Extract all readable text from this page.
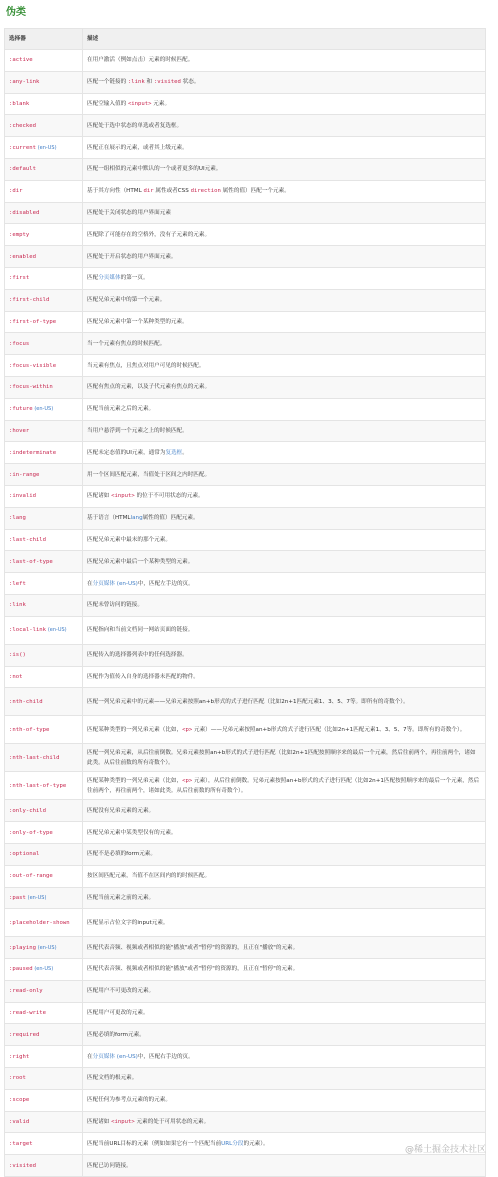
伪类
选择器	描述
:active	在用户激活（例如点击）元素的时候匹配。
:any-link	匹配一个链接的 :link 和 :visited 状态。
:blank	匹配空输入值的 <input> 元素。
:checked	匹配处于选中状态的单选或者复选框。
:current (en-US)	匹配正在展示的元素，或者其上级元素。
:default	匹配一组相似的元素中默认的一个或者更多的UI元素。
:dir	基于其方向性（HTML dir 属性或者CSS direction 属性的值）匹配一个元素。
:disabled	匹配处于关闭状态的用户界面元素
:empty	匹配除了可能存在的空格外，没有子元素的元素。
:enabled	匹配处于开启状态的用户界面元素。
:first	匹配分页媒体的第一页。
:first-child	匹配兄弟元素中的第一个元素。
:first-of-type	匹配兄弟元素中第一个某种类型的元素。
:focus	当一个元素有焦点的时候匹配。
:focus-visible	当元素有焦点，且焦点对用户可见的时候匹配。
:focus-within	匹配有焦点的元素，以及子代元素有焦点的元素。
:future (en-US)	匹配当前元素之后的元素。
:hover	当用户悬浮到一个元素之上的时候匹配。
:indeterminate	匹配未定态值的UI元素，通常为复选框。
:in-range	用一个区间匹配元素，当值处于区间之内时匹配。
:invalid	匹配诸如 <input> 的位于不可用状态的元素。
:lang	基于语言（HTMLlang属性的值）匹配元素。
:last-child	匹配兄弟元素中最末的那个元素。
:last-of-type	匹配兄弟元素中最后一个某种类型的元素。
:left	在分页媒体 (en-US)中，匹配左手边的页。
:link	匹配未曾访问的链接。
:local-link (en-US)	匹配指向和当前文档同一网站页面的链接。
:is()	匹配传入的选择器列表中的任何选择器。
:not	匹配作为值传入自身的选择器未匹配的物件。
:nth-child	匹配一列兄弟元素中的元素——兄弟元素按照an+b形式的式子进行匹配（比如2n+1匹配元素1、3、5、7等。即所有的奇数个）。
:nth-of-type	匹配某种类型的一列兄弟元素（比如，<p> 元素）——兄弟元素按照an+b形式的式子进行匹配（比如2n+1匹配元素1、3、5、7等。即所有的奇数个）。
:nth-last-child	匹配一列兄弟元素，从后往前倒数。兄弟元素按照an+b形式的式子进行匹配（比如2n+1匹配按照顺序来的最后一个元素，然后往前两个，再往前两个，诸如此类。从后往前数的所有奇数个）。
:nth-last-of-type	匹配某种类型的一列兄弟元素（比如，<p> 元素），从后往前倒数。兄弟元素按照an+b形式的式子进行匹配（比如2n+1匹配按照顺序来的最后一个元素，然后往前两个，再往前两个，诸如此类。从后往前数的所有奇数个）。
:only-child	匹配没有兄弟元素的元素。
:only-of-type	匹配兄弟元素中某类型仅有的元素。
:optional	匹配不是必填的form元素。
:out-of-range	按区间匹配元素，当值不在区间内的的时候匹配。
:past (en-US)	匹配当前元素之前的元素。
:placeholder-shown	匹配显示占位文字的input元素。
:playing (en-US)	匹配代表音频、视频或者相似的能"播放"或者"暂停"的资源的，且正在"播放"的元素。
:paused (en-US)	匹配代表音频、视频或者相似的能"播放"或者"暂停"的资源的，且正在"暂停"的元素。
:read-only	匹配用户不可更改的元素。
:read-write	匹配用户可更改的元素。
:required	匹配必填的form元素。
:right	在分页媒体 (en-US)中，匹配右手边的页。
:root	匹配文档的根元素。
:scope	匹配任何为参考点元素的的元素。
:valid	匹配诸如 <input> 元素的处于可用状态的元素。
:target	匹配当前URL目标的元素（例如如果它有一个匹配当前URL分段的元素）。
:visited	匹配已访问链接。
@稀土掘金技术社区
